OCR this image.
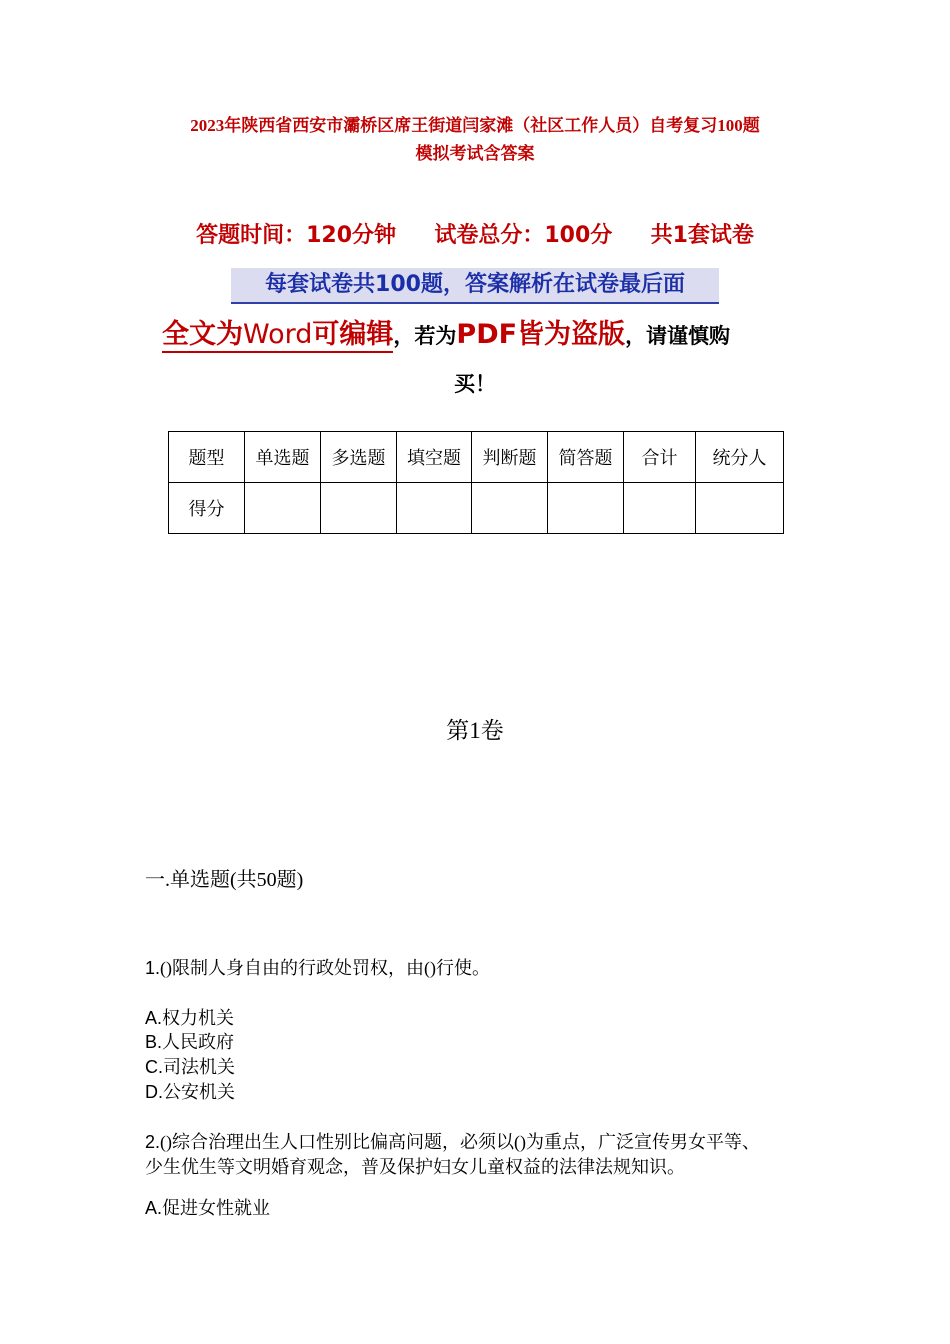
2023年陕西省西安市灞桥区席王街道闫家滩（社区工作人员）自考复习100题
模拟考试含答案
答题时间：120分钟 试卷总分：100分 共1套试卷
每套试卷共100题，答案解析在试卷最后面
全文为Word可编辑，若为PDF皆为盗版，请谨慎购
买！
题型	单选题	多选题	填空题	判断题	简答题	合计	统分人
得分							
第1卷
一.单选题(共50题)
1.()限制人身自由的行政处罚权，由()行使。
A.权力机关
B.人民政府
C.司法机关
D.公安机关
2.()综合治理出生人口性别比偏高问题，必须以()为重点，广泛宣传男女平等、
少生优生等文明婚育观念，普及保护妇女儿童权益的法律法规知识。
A.促进女性就业
